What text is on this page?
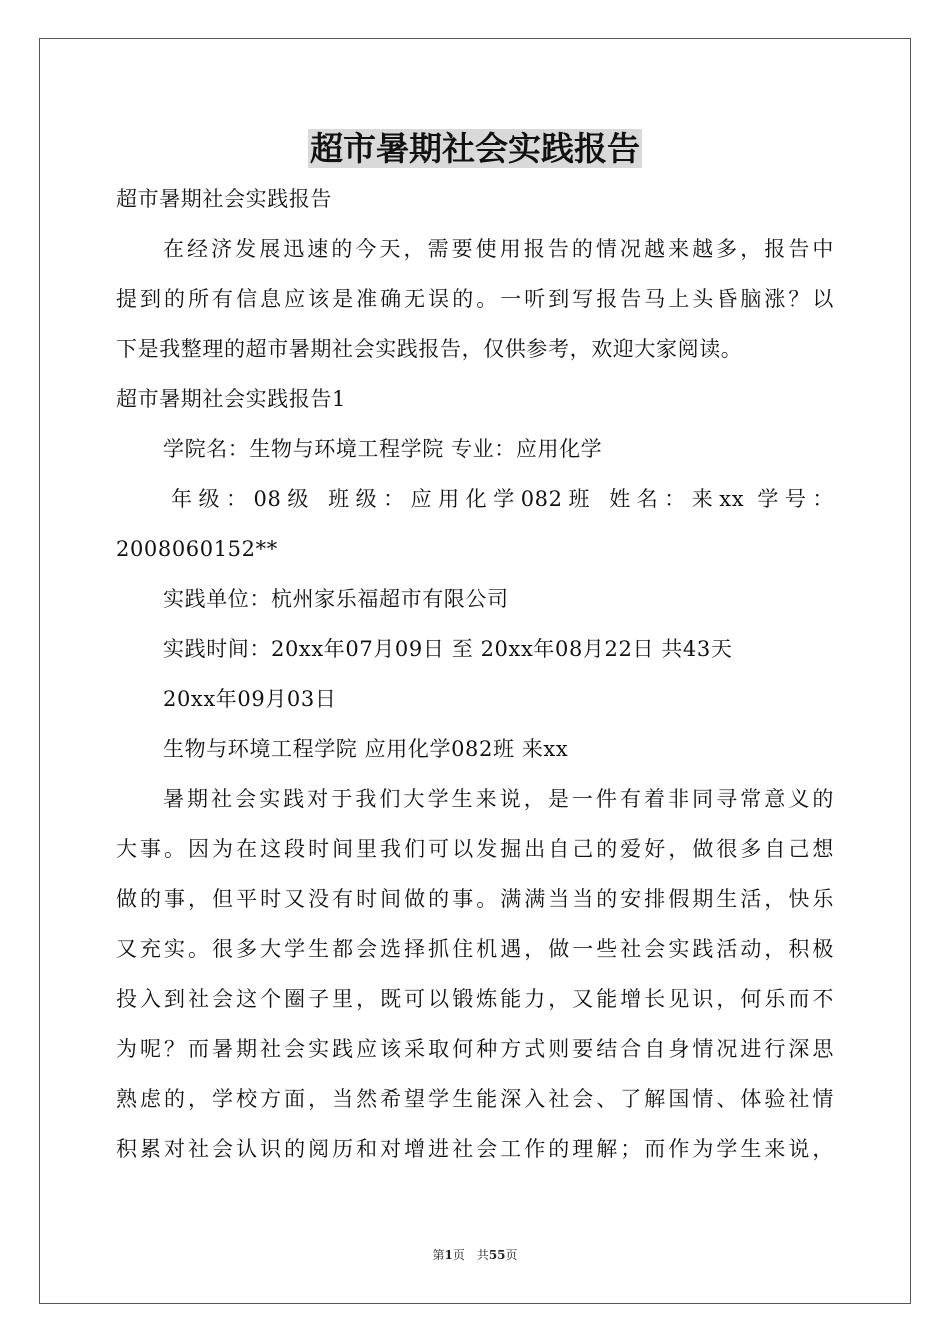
超市暑期社会实践报告
超市暑期社会实践报告
在经济发展迅速的今天，需要使用报告的情况越来越多，报告中
提到的所有信息应该是准确无误的。一听到写报告马上头昏脑涨？以
下是我整理的超市暑期社会实践报告，仅供参考，欢迎大家阅读。
超市暑期社会实践报告1
学院名：生物与环境工程学院 专业：应用化学
年级：08级 班级：应用化学082班 姓名：来xx 学号：
2008060152**
实践单位：杭州家乐福超市有限公司
实践时间：20xx年07月09日 至 20xx年08月22日 共43天
20xx年09月03日
生物与环境工程学院 应用化学082班 来xx
暑期社会实践对于我们大学生来说，是一件有着非同寻常意义的
大事。因为在这段时间里我们可以发掘出自己的爱好，做很多自己想
做的事，但平时又没有时间做的事。满满当当的安排假期生活，快乐
又充实。很多大学生都会选择抓住机遇，做一些社会实践活动，积极
投入到社会这个圈子里，既可以锻炼能力，又能增长见识，何乐而不
为呢？而暑期社会实践应该采取何种方式则要结合自身情况进行深思
熟虑的，学校方面，当然希望学生能深入社会、了解国情、体验社情
积累对社会认识的阅历和对增进社会工作的理解；而作为学生来说，
第1页　共55页
